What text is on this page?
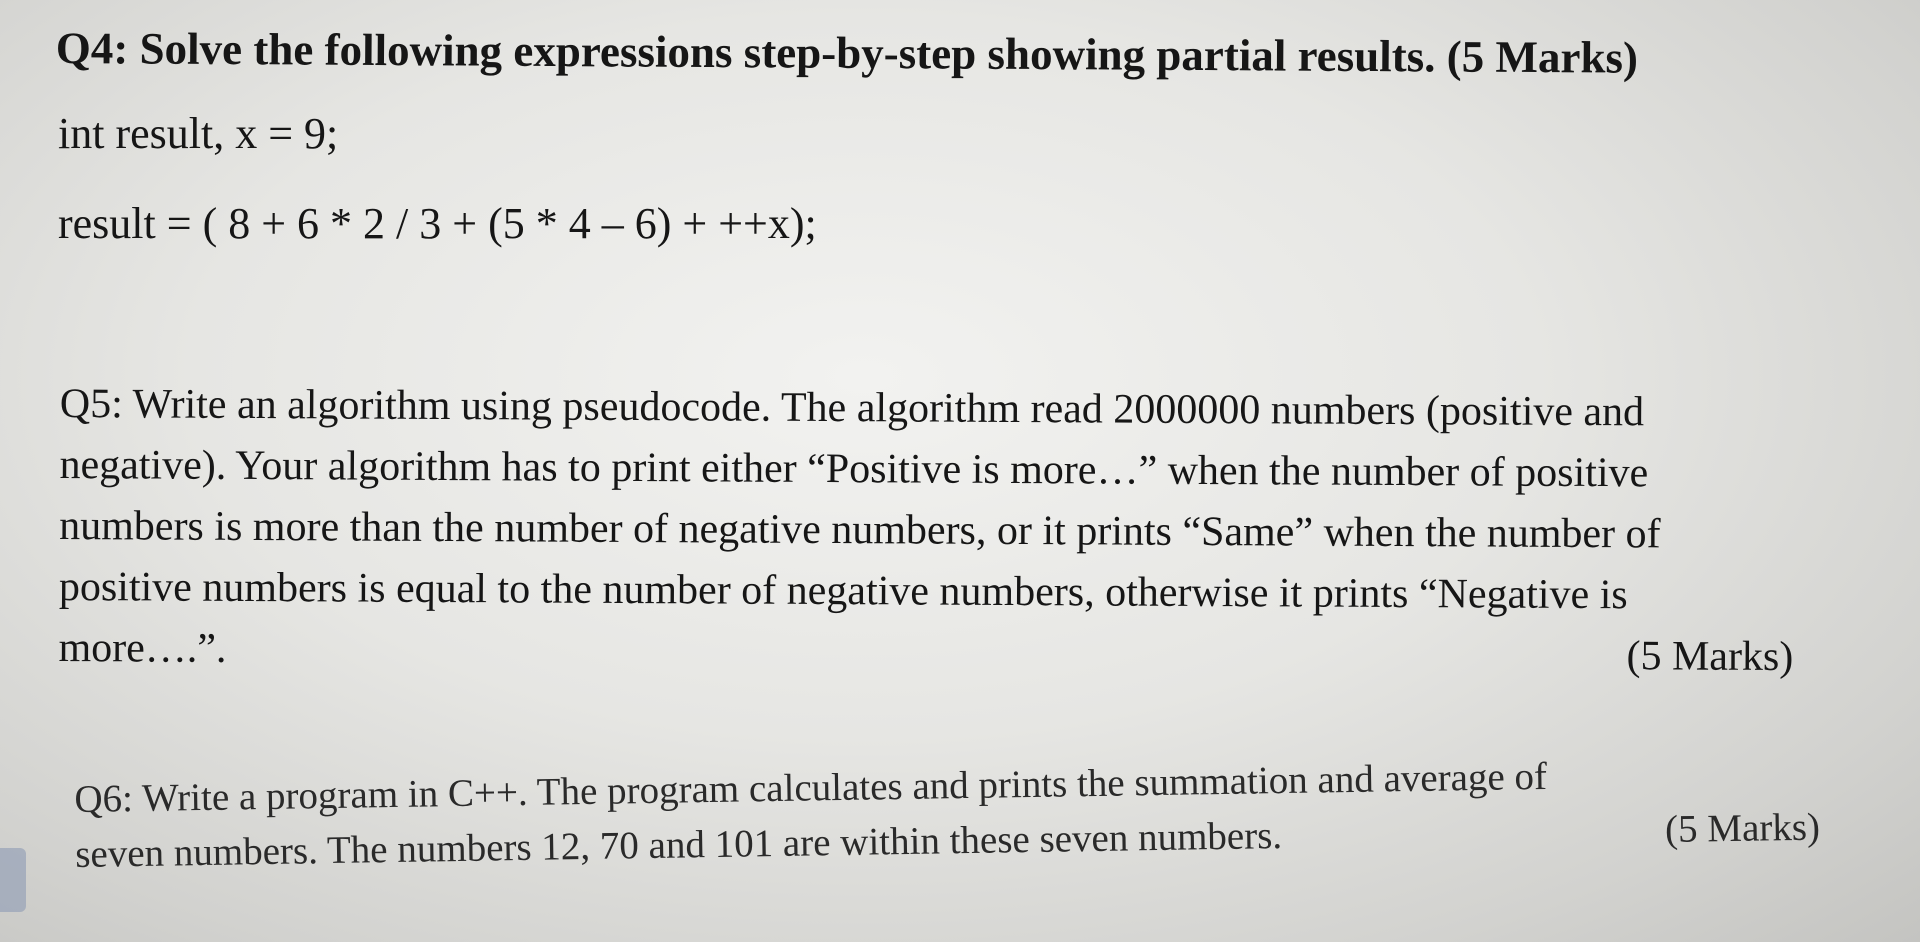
Q4: Solve the following expressions step-by-step showing partial results. (5 Marks)
int result, x = 9;
result = ( 8 + 6 * 2 / 3 + (5 * 4 – 6) + ++x);
Q5: Write an algorithm using pseudocode. The algorithm read 2000000 numbers (positive and
negative). Your algorithm has to print either “Positive is more…” when the number of positive
numbers is more than the number of negative numbers, or it prints “Same” when the number of
positive numbers is equal to the number of negative numbers, otherwise it prints “Negative is
more….”.	(5 Marks)
Q6: Write a program in C++. The program calculates and prints the summation and average of
seven numbers. The numbers 12, 70 and 101 are within these seven numbers.	(5 Marks)
